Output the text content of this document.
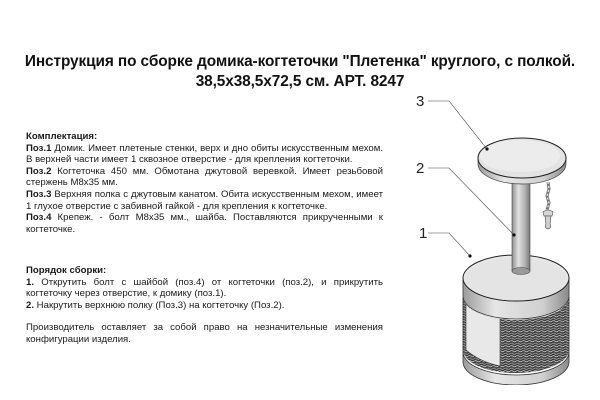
Инструкция по сборке домика-когтеточки "Плетенка" круглого, с полкой.
38,5x38,5x72,5 см. АРТ. 8247

Комплектация:

Поз.1 Домик. Имеет плетеные стенки, верх и дно обиты искусственным мехом. В верхней части имеет 1 сквозное отверстие - для крепления когтеточки.

Поз.2 Когтеточка 450 мм. Обмотана джутовой веревкой. Имеет резьбовой стержень М8x35 мм.

Поз.3 Верхняя полка с джутовым канатом. Обита искусственным мехом, имеет 1 глухое отверстие с забивной гайкой - для крепления к когтеточке.

Поз.4 Крепеж. - болт М8x35 мм., шайба. Поставляются прикрученными к когтеточке.

Порядок сборки:

1. Открутить болт с шайбой (поз.4) от когтеточки (поз.2), и прикрутить когтеточку через отверстие, к домику (поз.1).

2. Накрутить верхнюю полку (Поз.3) на когтеточку (Поз.2).

Производитель оставляет за собой право на незначительные изменения конфигурации изделия.

3
2
1
